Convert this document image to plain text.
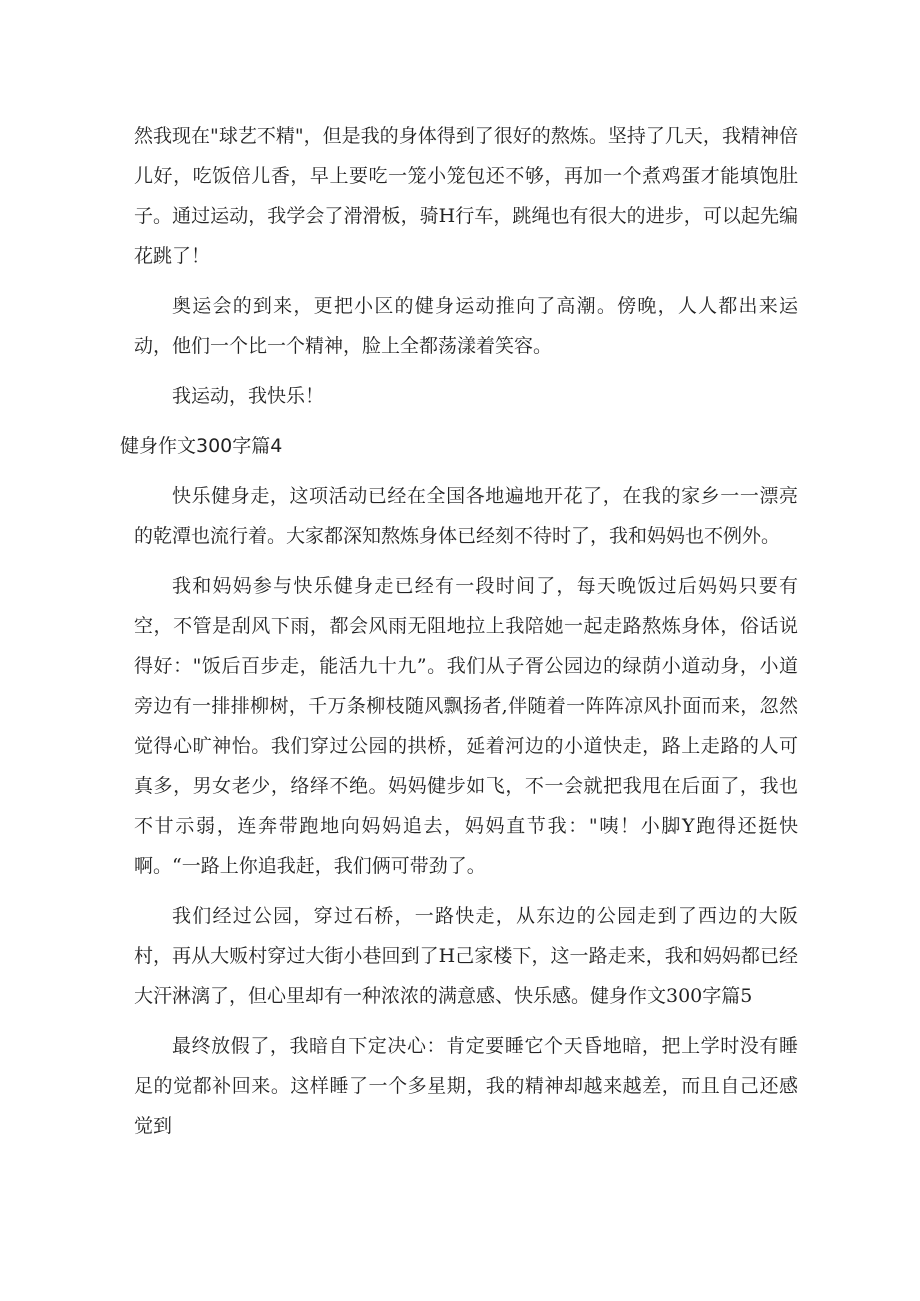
然我现在"球艺不精"，但是我的身体得到了很好的熬炼。坚持了几天，我精神倍儿好，吃饭倍儿香，早上要吃一笼小笼包还不够，再加一个煮鸡蛋才能填饱肚子。通过运动，我学会了滑滑板，骑H行车，跳绳也有很大的进步，可以起先编花跳了！

奥运会的到来，更把小区的健身运动推向了高潮。傍晚，人人都出来运动，他们一个比一个精神，脸上全都荡漾着笑容。

我运动，我快乐！

健身作文300字篇4

快乐健身走，这项活动已经在全国各地遍地开花了，在我的家乡一一漂亮的乾潭也流行着。大家都深知熬炼身体已经刻不待时了，我和妈妈也不例外。

我和妈妈参与快乐健身走已经有一段时间了，每天晚饭过后妈妈只要有空，不管是刮风下雨，都会风雨无阻地拉上我陪她一起走路熬炼身体，俗话说得好："饭后百步走，能活九十九”。我们从子胥公园边的绿荫小道动身，小道旁边有一排排柳树，千万条柳枝随风飘扬者,伴随着一阵阵凉风扑面而来，忽然觉得心旷神怡。我们穿过公园的拱桥，延着河边的小道快走，路上走路的人可真多，男女老少，络绎不绝。妈妈健步如飞，不一会就把我甩在后面了，我也不甘示弱，连奔带跑地向妈妈追去，妈妈直节我："咦！小脚Y跑得还挺快啊。“一路上你追我赶，我们俩可带劲了。

我们经过公园，穿过石桥，一路快走，从东边的公园走到了西边的大阪村，再从大贩村穿过大街小巷回到了H己家楼下，这一路走来，我和妈妈都已经大汗淋漓了，但心里却有一种浓浓的满意感、快乐感。健身作文300字篇5

最终放假了，我暗自下定决心：肯定要睡它个天昏地暗，把上学时没有睡足的觉都补回来。这样睡了一个多星期，我的精神却越来越差，而且自己还感觉到
